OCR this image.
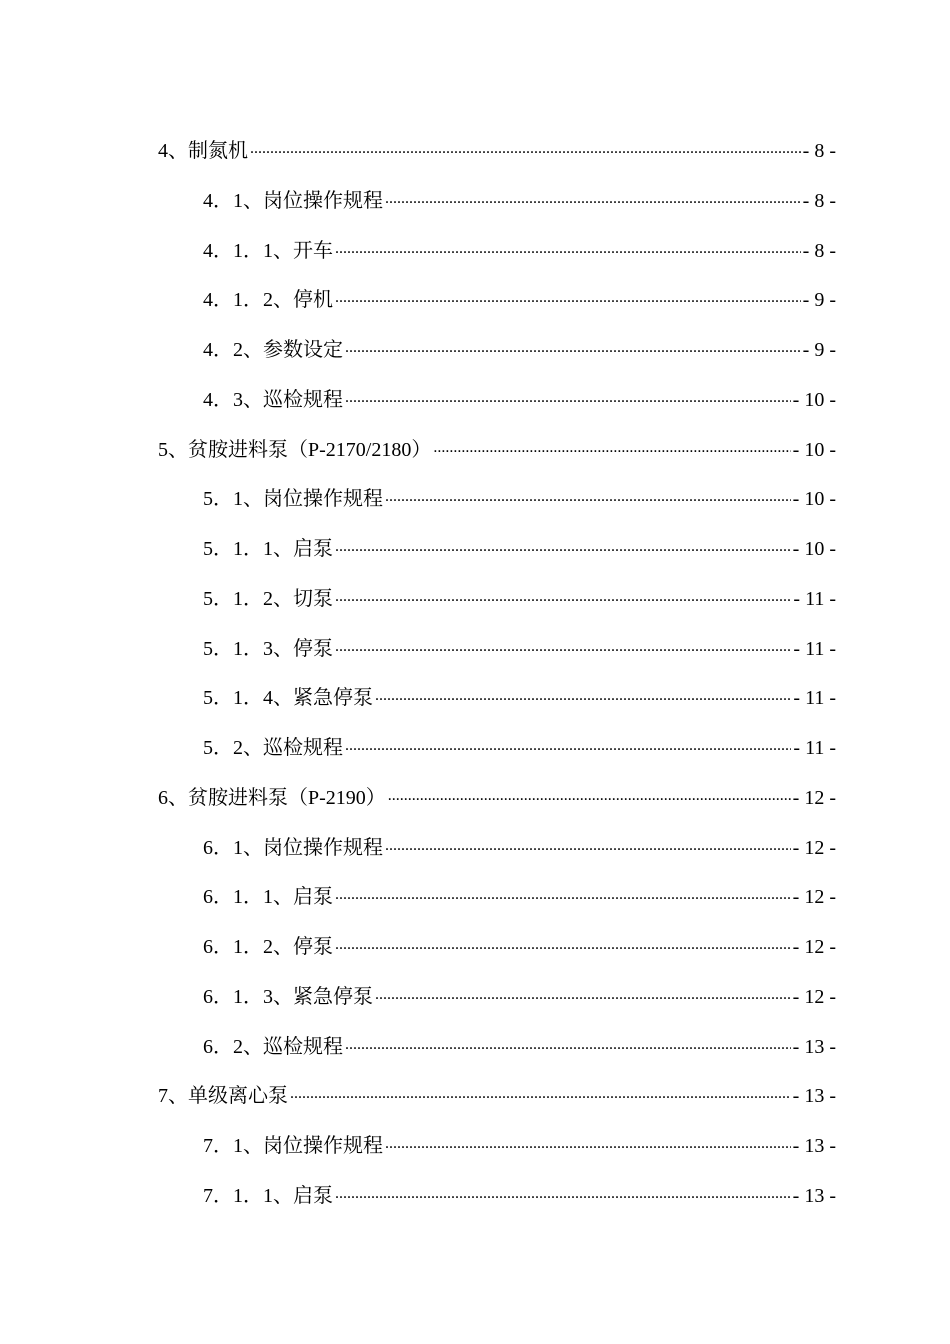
4、制氮机 .....	- 8 -
4．1、岗位操作规程 .....	- 8 -
4．1．1、开车 .....	- 8 -
4．1．2、停机 .....	- 9 -
4．2、参数设定 .....	- 9 -
4．3、巡检规程 .....	- 10 -
5、贫胺进料泵（P-2170/2180） .....	- 10 -
5．1、岗位操作规程 .....	- 10 -
5．1．1、启泵 .....	- 10 -
5．1．2、切泵 .....	- 11 -
5．1．3、停泵 .....	- 11 -
5．1．4、紧急停泵 .....	- 11 -
5．2、巡检规程 .....	- 11 -
6、贫胺进料泵（P-2190） .....	- 12 -
6．1、岗位操作规程 .....	- 12 -
6．1．1、启泵 .....	- 12 -
6．1．2、停泵 .....	- 12 -
6．1．3、紧急停泵 .....	- 12 -
6．2、巡检规程 .....	- 13 -
7、单级离心泵 .....	- 13 -
7．1、岗位操作规程 .....	- 13 -
7．1．1、启泵 .....	- 13 -
